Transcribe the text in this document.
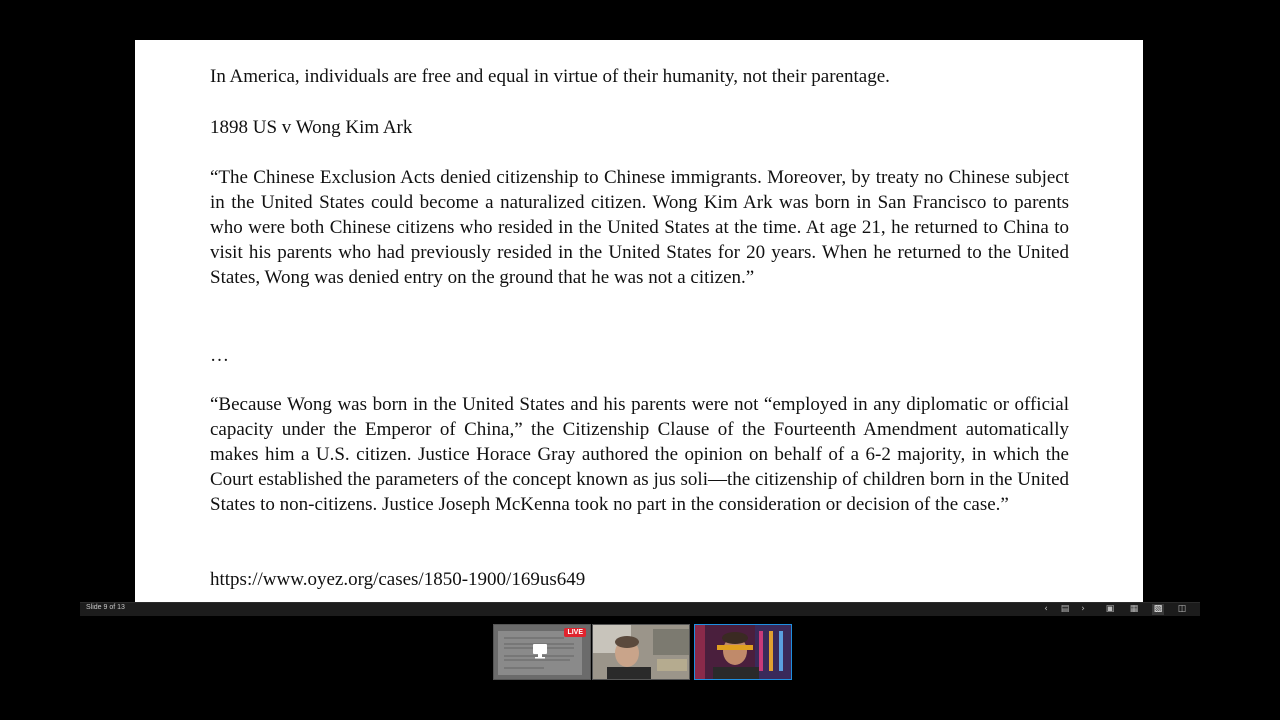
In America, individuals are free and equal in virtue of their humanity, not their parentage.
1898 US v Wong Kim Ark
“The Chinese Exclusion Acts denied citizenship to Chinese immigrants. Moreover, by treaty no Chinese subject in the United States could become a naturalized citizen. Wong Kim Ark was born in San Francisco to parents who were both Chinese citizens who resided in the United States at the time. At age 21, he returned to China to visit his parents who had previously resided in the United States for 20 years. When he returned to the United States, Wong was denied entry on the ground that he was not a citizen.”
…
“Because Wong was born in the United States and his parents were not “employed in any diplomatic or official capacity under the Emperor of China,” the Citizenship Clause of the Fourteenth Amendment automatically makes him a U.S. citizen. Justice Horace Gray authored the opinion on behalf of a 6-2 majority, in which the Court established the parameters of the concept known as jus soli—the citizenship of children born in the United States to non-citizens. Justice Joseph McKenna took no part in the consideration or decision of the case.”
https://www.oyez.org/cases/1850-1900/169us649
Slide 9 of 13	‹	▤	›	▣ ▦ ▧ ◫
LIVE
